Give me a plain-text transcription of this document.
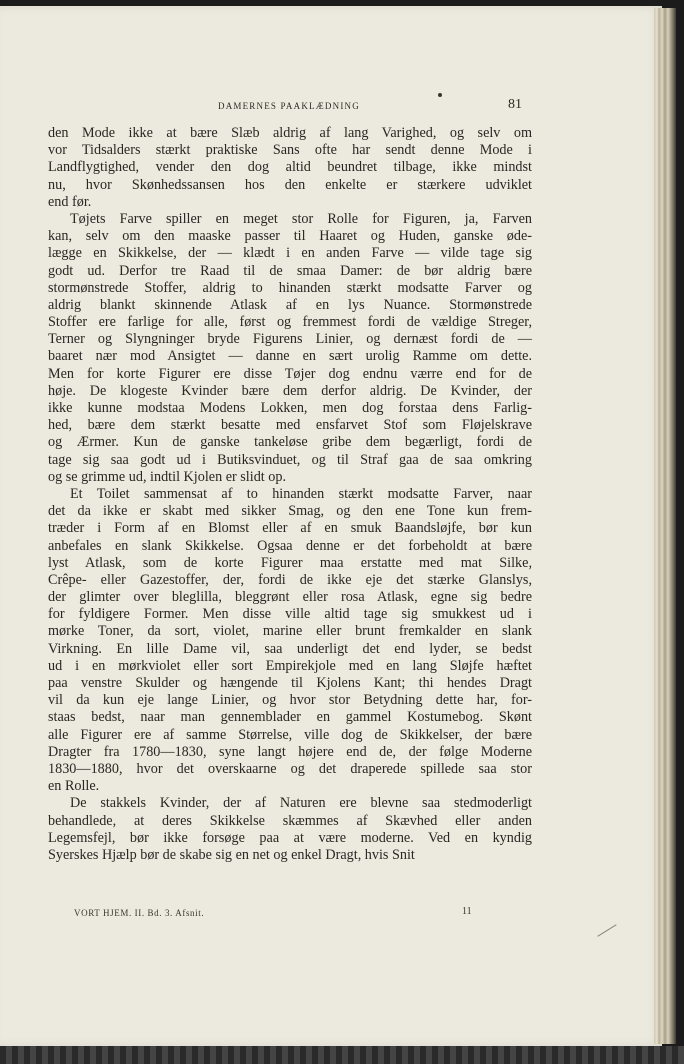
DAMERNES PAAKLÆDNING	81
den Mode ikke at bære Slæb aldrig af lang Varighed, og selv om
vor Tidsalders stærkt praktiske Sans ofte har sendt denne Mode i
Landflygtighed, vender den dog altid beundret tilbage, ikke mindst
nu, hvor Skønhedssansen hos den enkelte er stærkere udviklet
end før.
Tøjets Farve spiller en meget stor Rolle for Figuren, ja, Farven
kan, selv om den maaske passer til Haaret og Huden, ganske øde-
lægge en Skikkelse, der — klædt i en anden Farve — vilde tage sig
godt ud. Derfor tre Raad til de smaa Damer: de bør aldrig bære
stormønstrede Stoffer, aldrig to hinanden stærkt modsatte Farver og
aldrig blankt skinnende Atlask af en lys Nuance. Stormønstrede
Stoffer ere farlige for alle, først og fremmest fordi de vældige Streger,
Terner og Slyngninger bryde Figurens Linier, og dernæst fordi de —
baaret nær mod Ansigtet — danne en sært urolig Ramme om dette.
Men for korte Figurer ere disse Tøjer dog endnu værre end for de
høje. De klogeste Kvinder bære dem derfor aldrig. De Kvinder, der
ikke kunne modstaa Modens Lokken, men dog forstaa dens Farlig-
hed, bære dem stærkt besatte med ensfarvet Stof som Fløjelskrave
og Ærmer. Kun de ganske tankeløse gribe dem begærligt, fordi de
tage sig saa godt ud i Butiksvinduet, og til Straf gaa de saa omkring
og se grimme ud, indtil Kjolen er slidt op.
Et Toilet sammensat af to hinanden stærkt modsatte Farver, naar
det da ikke er skabt med sikker Smag, og den ene Tone kun frem-
træder i Form af en Blomst eller af en smuk Baandsløjfe, bør kun
anbefales en slank Skikkelse. Ogsaa denne er det forbeholdt at bære
lyst Atlask, som de korte Figurer maa erstatte med mat Silke,
Crêpe- eller Gazestoffer, der, fordi de ikke eje det stærke Glanslys,
der glimter over bleglilla, bleggrønt eller rosa Atlask, egne sig bedre
for fyldigere Former. Men disse ville altid tage sig smukkest ud i
mørke Toner, da sort, violet, marine eller brunt fremkalder en slank
Virkning. En lille Dame vil, saa underligt det end lyder, se bedst
ud i en mørkviolet eller sort Empirekjole med en lang Sløjfe hæftet
paa venstre Skulder og hængende til Kjolens Kant; thi hendes Dragt
vil da kun eje lange Linier, og hvor stor Betydning dette har, for-
staas bedst, naar man gennemblader en gammel Kostumebog. Skønt
alle Figurer ere af samme Størrelse, ville dog de Skikkelser, der bære
Dragter fra 1780—1830, syne langt højere end de, der følge Moderne
1830—1880, hvor det overskaarne og det draperede spillede saa stor
en Rolle.
De stakkels Kvinder, der af Naturen ere blevne saa stedmoderligt
behandlede, at deres Skikkelse skæmmes af Skævhed eller anden
Legemsfejl, bør ikke forsøge paa at være moderne. Ved en kyndig
Syerskes Hjælp bør de skabe sig en net og enkel Dragt, hvis Snit
VORT HJEM. II. Bd. 3. Afsnit.	11
